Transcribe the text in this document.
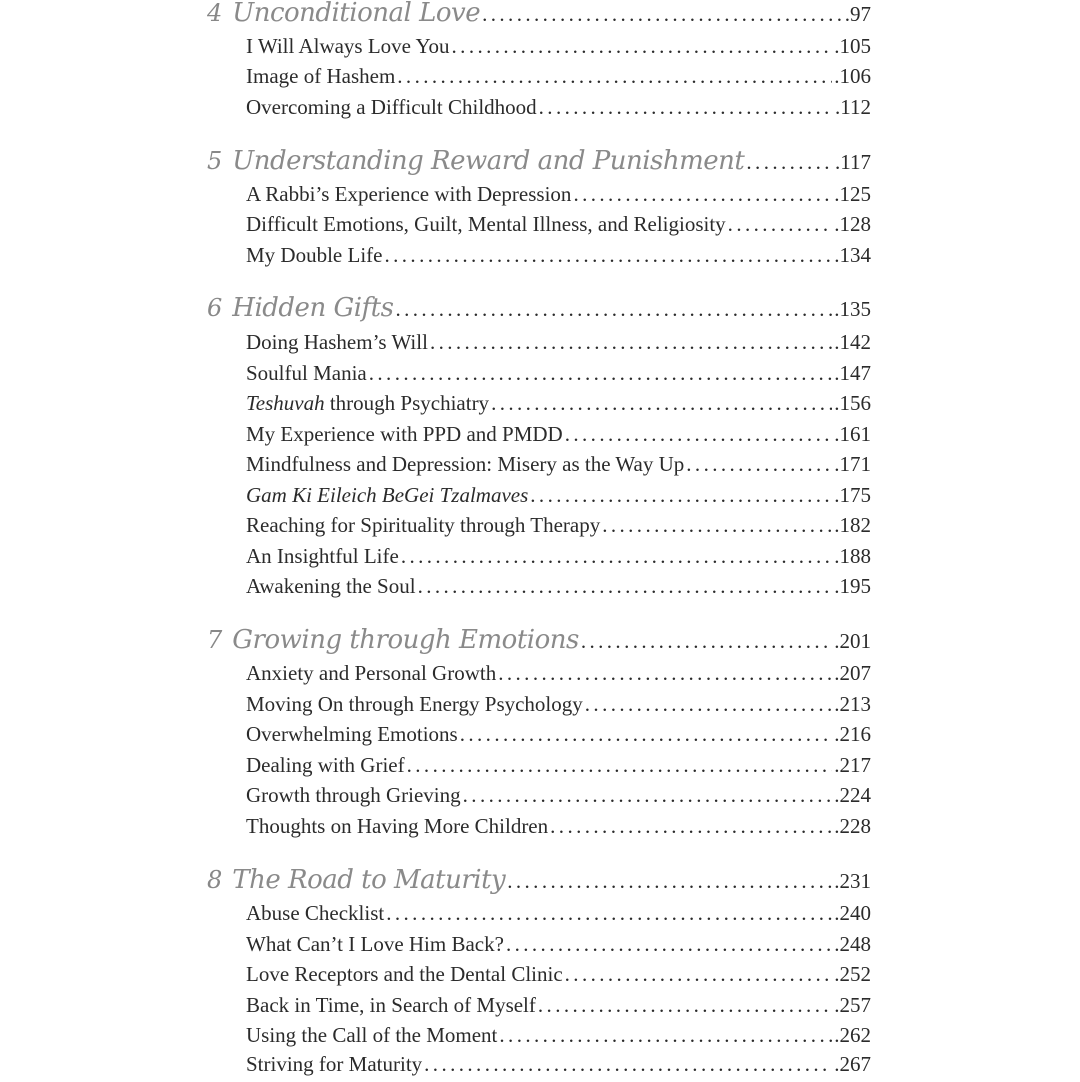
4 Unconditional Love .....	.97
I Will Always Love You .....	.105
Image of Hashem .....	.106
Overcoming a Difficult Childhood .....	.112
5 Understanding Reward and Punishment .....	.117
A Rabbi’s Experience with Depression .....	.125
Difficult Emotions, Guilt, Mental Illness, and Religiosity .....	.128
My Double Life .....	.134
6 Hidden Gifts .....	.135
Doing Hashem’s Will .....	.142
Soulful Mania .....	.147
Teshuvah through Psychiatry .....	.156
My Experience with PPD and PMDD .....	.161
Mindfulness and Depression: Misery as the Way Up .....	.171
Gam Ki Eileich BeGei Tzalmaves .....	.175
Reaching for Spirituality through Therapy .....	.182
An Insightful Life .....	.188
Awakening the Soul .....	.195
7 Growing through Emotions .....	.201
Anxiety and Personal Growth .....	.207
Moving On through Energy Psychology .....	.213
Overwhelming Emotions .....	.216
Dealing with Grief .....	.217
Growth through Grieving .....	.224
Thoughts on Having More Children .....	.228
8 The Road to Maturity .....	.231
Abuse Checklist .....	.240
What Can’t I Love Him Back? .....	.248
Love Receptors and the Dental Clinic .....	.252
Back in Time, in Search of Myself .....	.257
Using the Call of the Moment .....	.262
Striving for Maturity .....	.267
